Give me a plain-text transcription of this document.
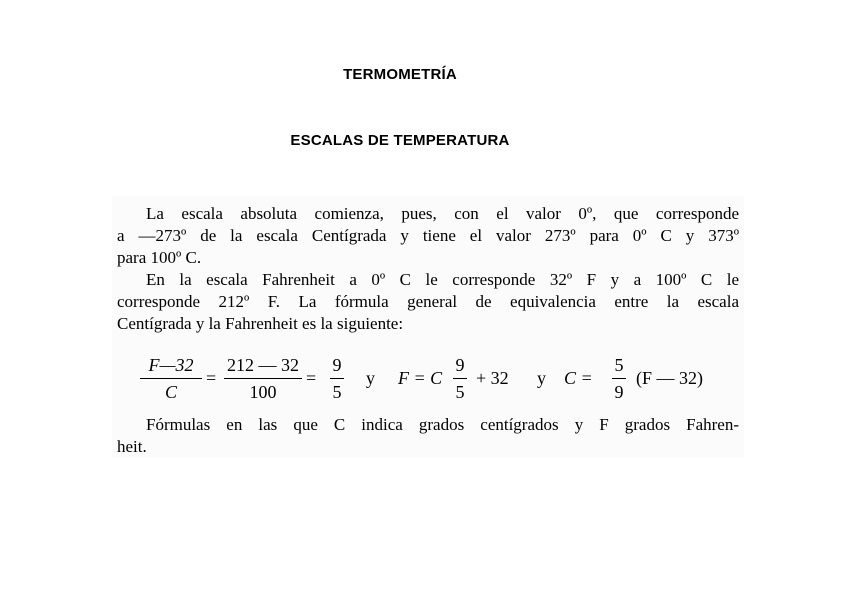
TERMOMETRÍA
ESCALAS DE TEMPERATURA
La escala absoluta comienza, pues, con el valor 0º, que corresponde
a —273º de la escala Centígrada y tiene el valor 273º para 0º C y 373º
para 100º C.
En la escala Fahrenheit a 0º C le corresponde 32º F y a 100º C le
corresponde 212º F. La fórmula general de equivalencia entre la escala
Centígrada y la Fahrenheit es la siguiente:
F—32
C
=
212 — 32
100
=
9
5
y F = C
9
5
+ 32 y C =
5
9
(F — 32)
Fórmulas en las que C indica grados centígrados y F grados Fahren-
heit.
